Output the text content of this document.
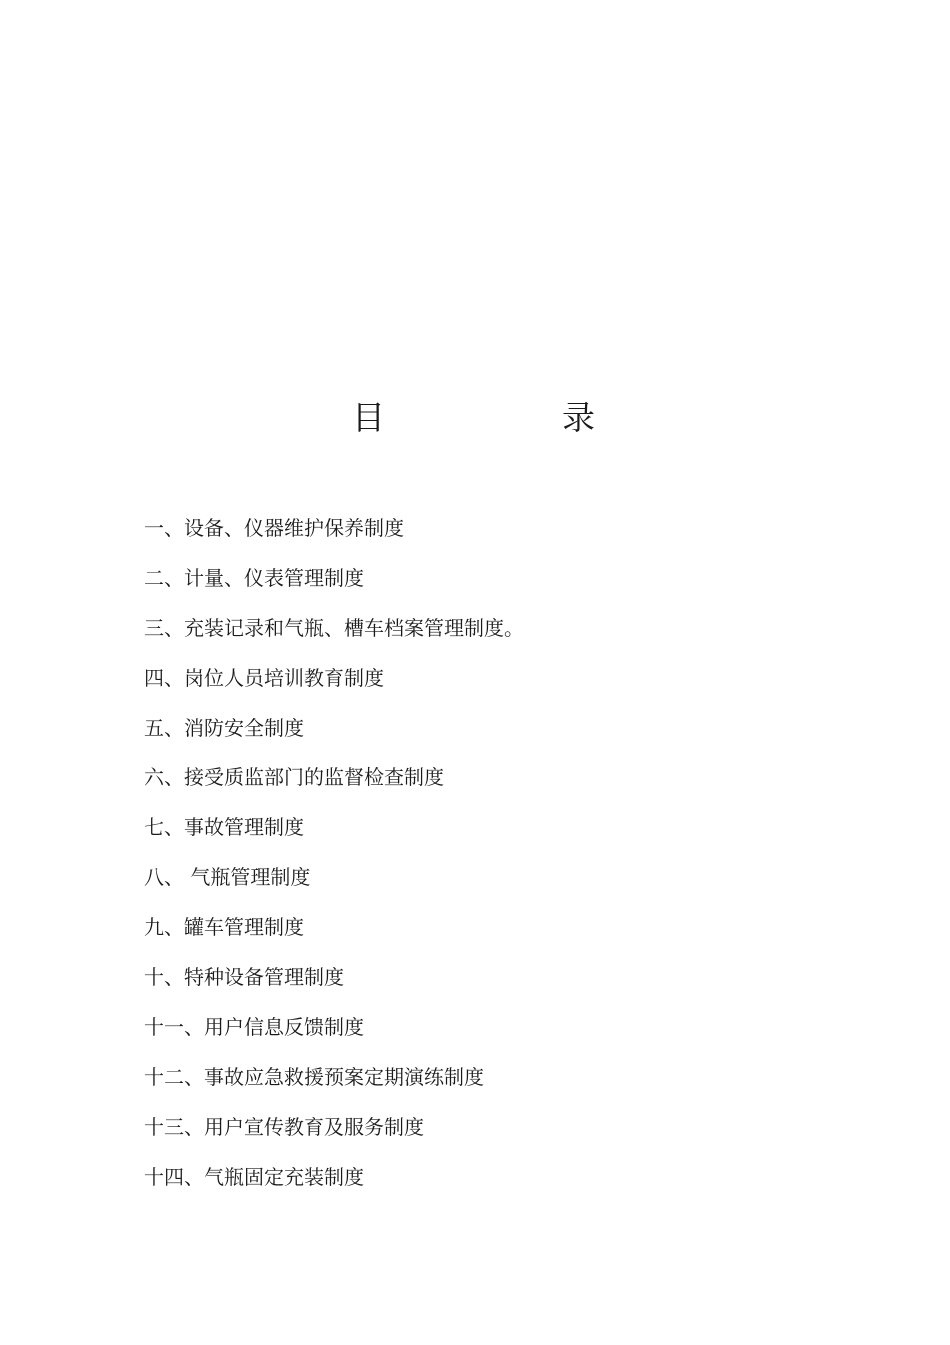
目	录
一、设备、仪器维护保养制度
二、计量、仪表管理制度
三、充装记录和气瓶、槽车档案管理制度。
四、岗位人员培训教育制度
五、消防安全制度
六、接受质监部门的监督检查制度
七、事故管理制度
八、 气瓶管理制度
九、罐车管理制度
十、特种设备管理制度
十一、用户信息反馈制度
十二、事故应急救援预案定期演练制度
十三、用户宣传教育及服务制度
十四、气瓶固定充装制度
